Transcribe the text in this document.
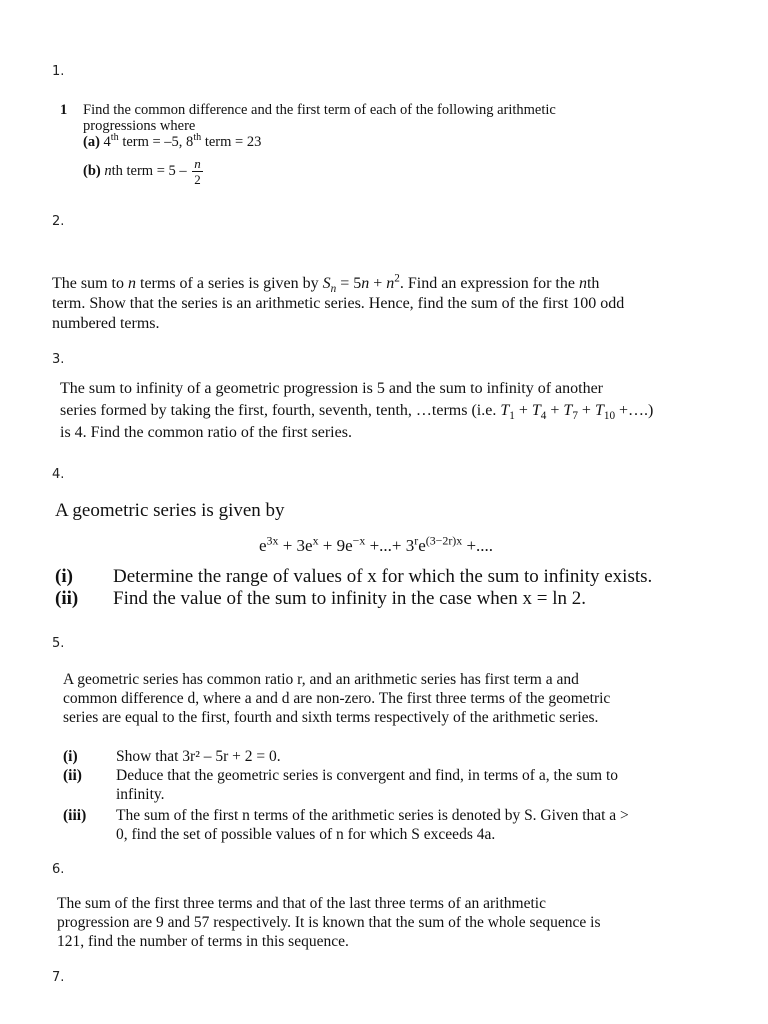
1.
2.
3.
4.
5.
6.
7.
1	Find the common difference and the first term of each of the following arithmetic
progressions where
(a) 4th term = –5, 8th term = 23
(b) nth term = $5 - \frac{n}{2}$
The sum to n terms of a series is given by $S_n = 5n + n^2$. Find an expression for the nth
term. Show that the series is an arithmetic series. Hence, find the sum of the first 100 odd
numbered terms.
The sum to infinity of a geometric progression is 5 and the sum to infinity of another
series formed by taking the first, fourth, seventh, tenth, …terms (i.e. $T_1 + T_4 + T_7 + T_{10}$ +….)
is 4. Find the common ratio of the first series.
A geometric series is given by
$e^{3x} + 3e^x + 9e^{-x}$ +...+ $3^re^{(3-2r)x}$ +....
(i)	Determine the range of values of x for which the sum to infinity exists.
(ii)	Find the value of the sum to infinity in the case when x = ln 2.
A geometric series has common ratio r, and an arithmetic series has first term a and
common difference d, where a and d are non-zero. The first three terms of the geometric
series are equal to the first, fourth and sixth terms respectively of the arithmetic series.
(i)	Show that 3r² – 5r + 2 = 0.
(ii)	Deduce that the geometric series is convergent and find, in terms of a, the sum to
infinity.
(iii)	The sum of the first n terms of the arithmetic series is denoted by S. Given that a >
0, find the set of possible values of n for which S exceeds 4a.
The sum of the first three terms and that of the last three terms of an arithmetic
progression are 9 and 57 respectively. It is known that the sum of the whole sequence is
121, find the number of terms in this sequence.
